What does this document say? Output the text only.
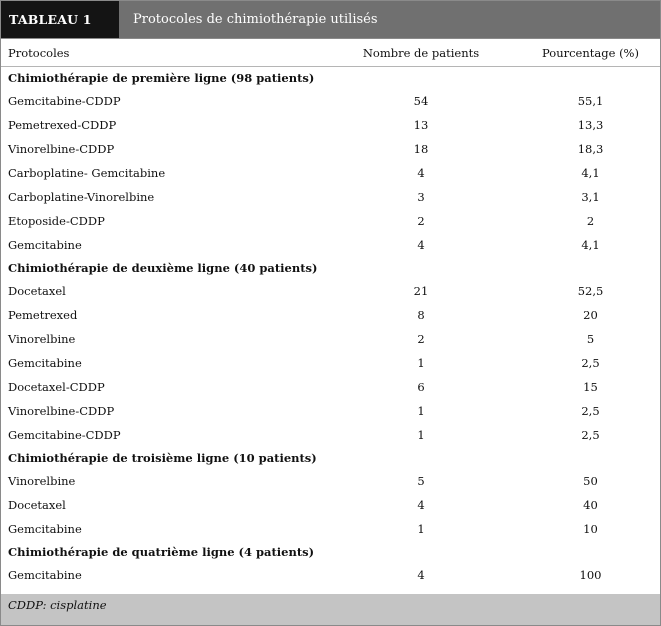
TABLEAU 1	Protocoles de chimiothérapie utilisés
Protocoles	Nombre de patients	Pourcentage (%)
Chimiothérapie de première ligne (98 patients)
Gemcitabine-CDDP	54	55,1
Pemetrexed-CDDP	13	13,3
Vinorelbine-CDDP	18	18,3
Carboplatine- Gemcitabine	4	4,1
Carboplatine-Vinorelbine	3	3,1
Etoposide-CDDP	2	2
Gemcitabine	4	4,1
Chimiothérapie de deuxième ligne (40 patients)
Docetaxel	21	52,5
Pemetrexed	8	20
Vinorelbine	2	5
Gemcitabine	1	2,5
Docetaxel-CDDP	6	15
Vinorelbine-CDDP	1	2,5
Gemcitabine-CDDP	1	2,5
Chimiothérapie de troisième ligne (10 patients)
Vinorelbine	5	50
Docetaxel	4	40
Gemcitabine	1	10
Chimiothérapie de quatrième ligne (4 patients)
Gemcitabine	4	100
CDDP: cisplatine
